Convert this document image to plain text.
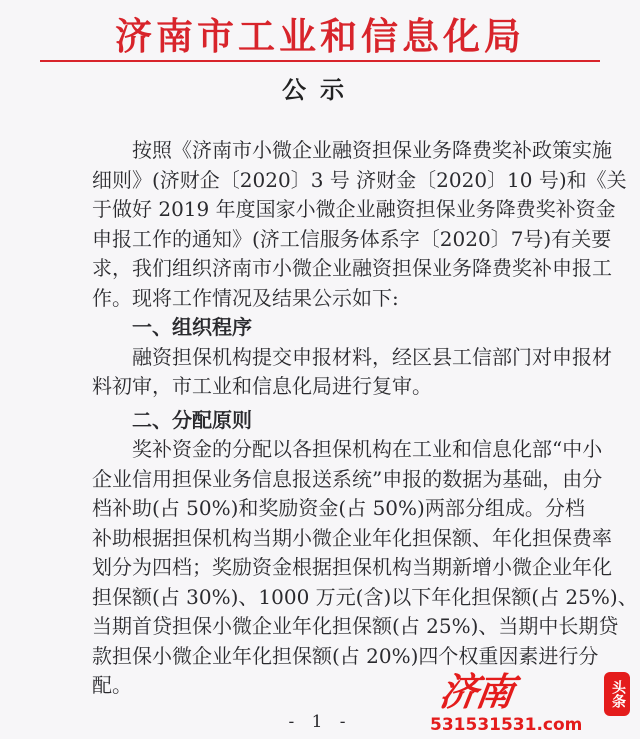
济南市工业和信息化局
公示
按照《济南市小微企业融资担保业务降费奖补政策实施
细则》(济财企〔2020〕3 号 济财金〔2020〕10 号)和《关
于做好 2019 年度国家小微企业融资担保业务降费奖补资金
申报工作的通知》(济工信服务体系字〔2020〕7号)有关要
求，我们组织济南市小微企业融资担保业务降费奖补申报工
作。现将工作情况及结果公示如下:
一、组织程序
融资担保机构提交申报材料，经区县工信部门对申报材
料初审，市工业和信息化局进行复审。
二、分配原则
奖补资金的分配以各担保机构在工业和信息化部“中小
企业信用担保业务信息报送系统”申报的数据为基础，由分
档补助(占 50%)和奖励资金(占 50%)两部分组成。分档
补助根据担保机构当期小微企业年化担保额、年化担保费率
划分为四档；奖励资金根据担保机构当期新增小微企业年化
担保额(占 30%)、1000 万元(含)以下年化担保额(占 25%)、
当期首贷担保小微企业年化担保额(占 25%)、当期中长期贷
款担保小微企业年化担保额(占 20%)四个权重因素进行分
配。
- 1 -
济南	头条
531531531.com
